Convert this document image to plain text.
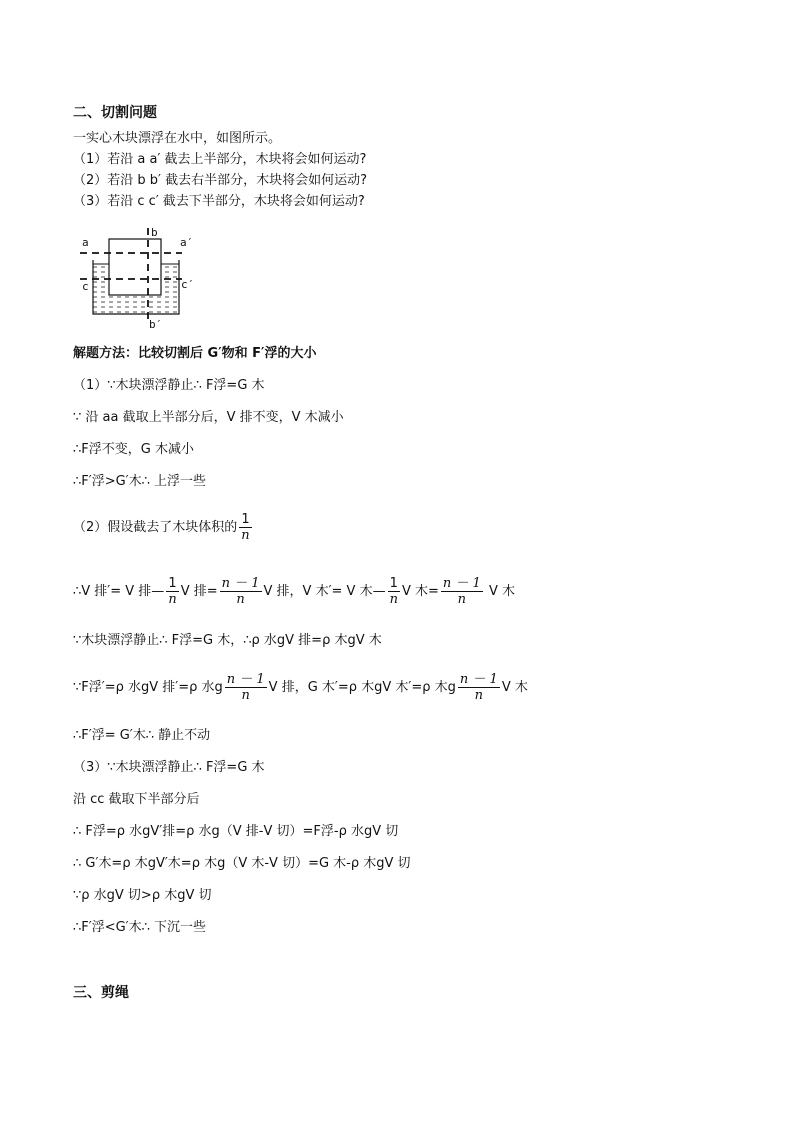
二、切割问题
一实心木块漂浮在水中，如图所示。
（1）若沿 a a′ 截去上半部分，木块将会如何运动?
（2）若沿 b b′ 截去右半部分，木块将会如何运动?
（3）若沿 c c′ 截去下半部分，木块将会如何运动?
a	a′
b
b′
c	c′
解题方法：比较切割后 G′物和 F′浮的大小
（1）∵木块漂浮静止∴ F浮=G 木
∵ 沿 aa 截取上半部分后，V 排不变，V 木减小
∴F浮不变，G 木减小
∴F′浮>G′木∴ 上浮一些
（2）假设截去了木块体积的 $\frac{1}{n}$
∴V 排′= V 排— $\frac{1}{n}$ V 排= $\frac{n - 1}{n}$ V 排，V 木′= V 木— $\frac{1}{n}$ V 木= $\frac{n - 1}{n}$ V 木
∵木块漂浮静止∴ F浮=G 木，∴ρ 水gV 排=ρ 木gV 木
∵F浮′=ρ 水gV 排′=ρ 水g $\frac{n - 1}{n}$ V 排，G 木′=ρ 木gV 木′=ρ 木g $\frac{n - 1}{n}$ V 木
∴F′浮= G′木∴ 静止不动
（3）∵木块漂浮静止∴ F浮=G 木
沿 cc 截取下半部分后
∴ F浮=ρ 水gV′排=ρ 水g（V 排-V 切）=F浮-ρ 水gV 切
∴ G′木=ρ 木gV′木=ρ 木g（V 木-V 切）=G 木-ρ 木gV 切
∵ρ 水gV 切>ρ 木gV 切
∴F′浮<G′木∴ 下沉一些
三、剪绳
